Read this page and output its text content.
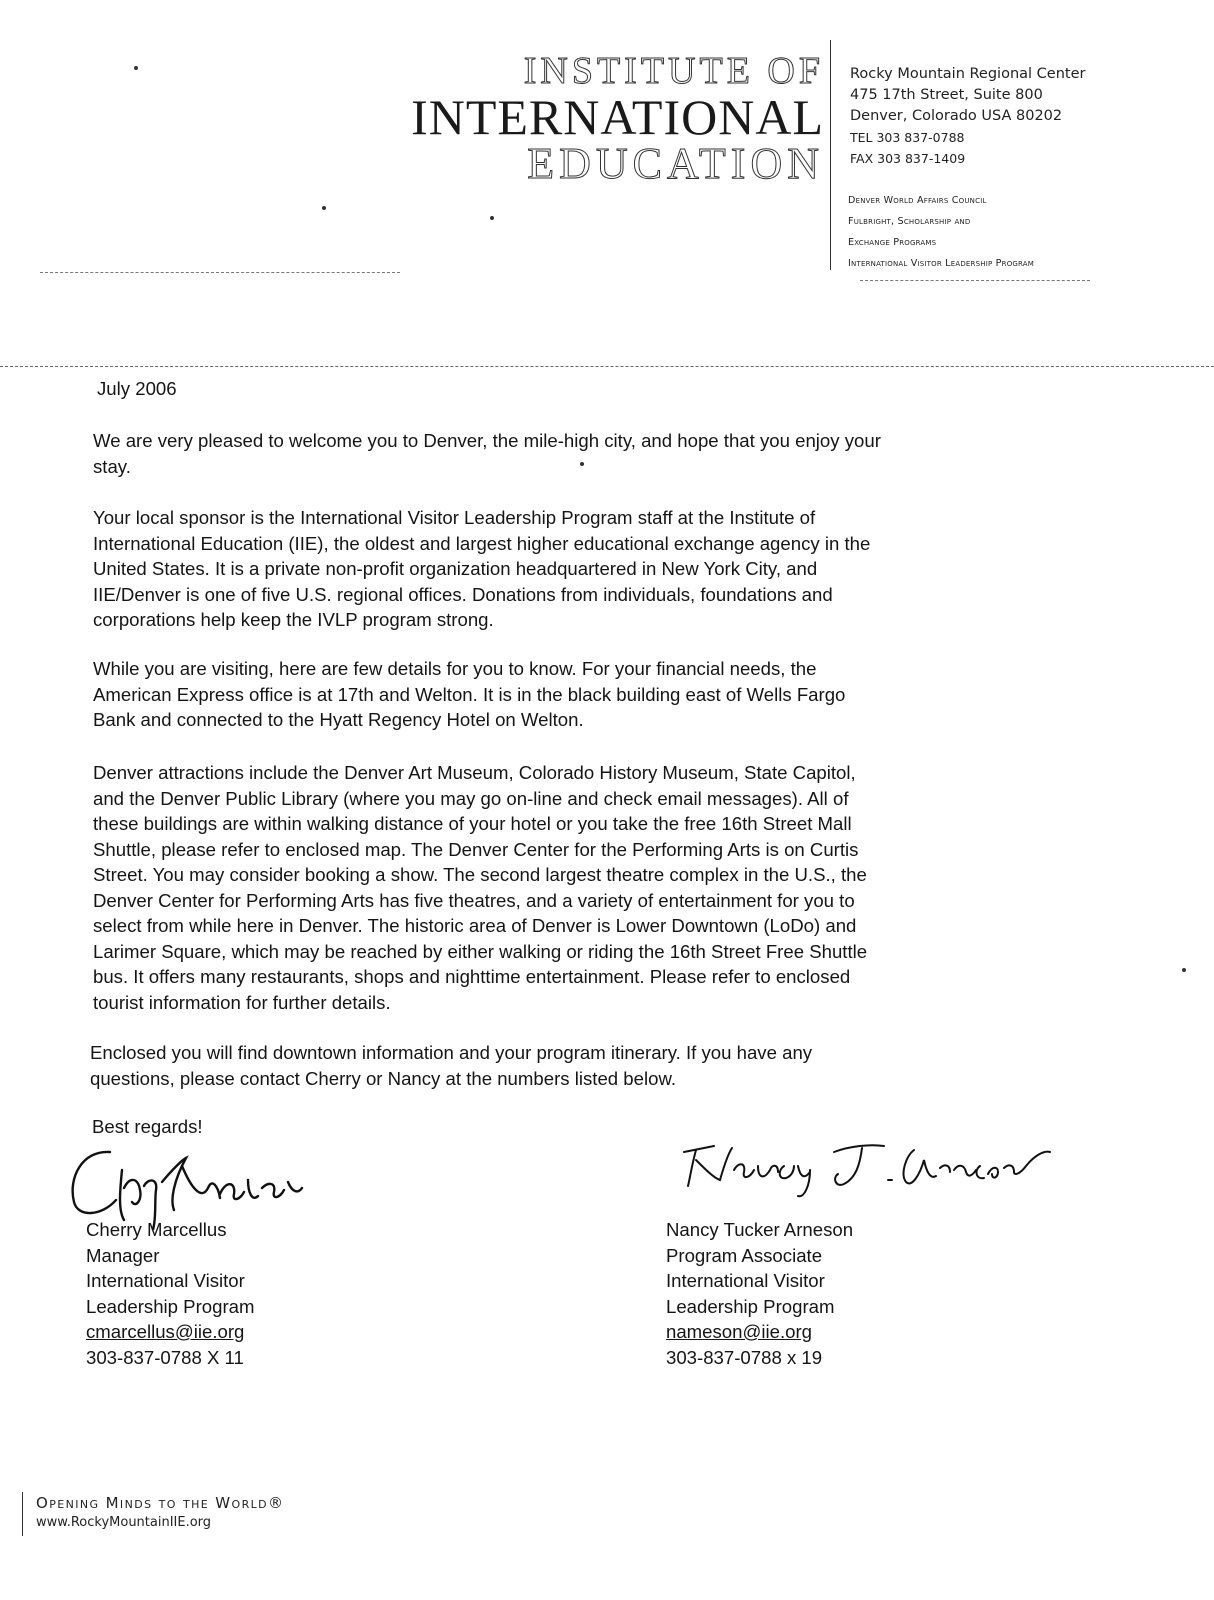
INSTITUTE OF
INTERNATIONAL
EDUCATION
Rocky Mountain Regional Center
475 17th Street, Suite 800
Denver, Colorado USA 80202
TEL 303 837-0788
FAX 303 837-1409
Denver World Affairs Council
Fulbright, Scholarship and
Exchange Programs
International Visitor Leadership Program
July 2006
We are very pleased to welcome you to Denver, the mile-high city, and hope that you enjoy your
stay.
Your local sponsor is the International Visitor Leadership Program staff at the Institute of
International Education (IIE), the oldest and largest higher educational exchange agency in the
United States. It is a private non-profit organization headquartered in New York City, and
IIE/Denver is one of five U.S. regional offices. Donations from individuals, foundations and
corporations help keep the IVLP program strong.
While you are visiting, here are few details for you to know. For your financial needs, the
American Express office is at 17th and Welton. It is in the black building east of Wells Fargo
Bank and connected to the Hyatt Regency Hotel on Welton.
Denver attractions include the Denver Art Museum, Colorado History Museum, State Capitol,
and the Denver Public Library (where you may go on-line and check email messages). All of
these buildings are within walking distance of your hotel or you take the free 16th Street Mall
Shuttle, please refer to enclosed map. The Denver Center for the Performing Arts is on Curtis
Street. You may consider booking a show. The second largest theatre complex in the U.S., the
Denver Center for Performing Arts has five theatres, and a variety of entertainment for you to
select from while here in Denver. The historic area of Denver is Lower Downtown (LoDo) and
Larimer Square, which may be reached by either walking or riding the 16th Street Free Shuttle
bus. It offers many restaurants, shops and nighttime entertainment. Please refer to enclosed
tourist information for further details.
Enclosed you will find downtown information and your program itinerary. If you have any
questions, please contact Cherry or Nancy at the numbers listed below.
Best regards!
Cherry Marcellus
Manager
International Visitor
Leadership Program
cmarcellus@iie.org
303-837-0788 X 11
Nancy Tucker Arneson
Program Associate
International Visitor
Leadership Program
nameson@iie.org
303-837-0788 x 19
Opening Minds to the World®
www.RockyMountainIIE.org
